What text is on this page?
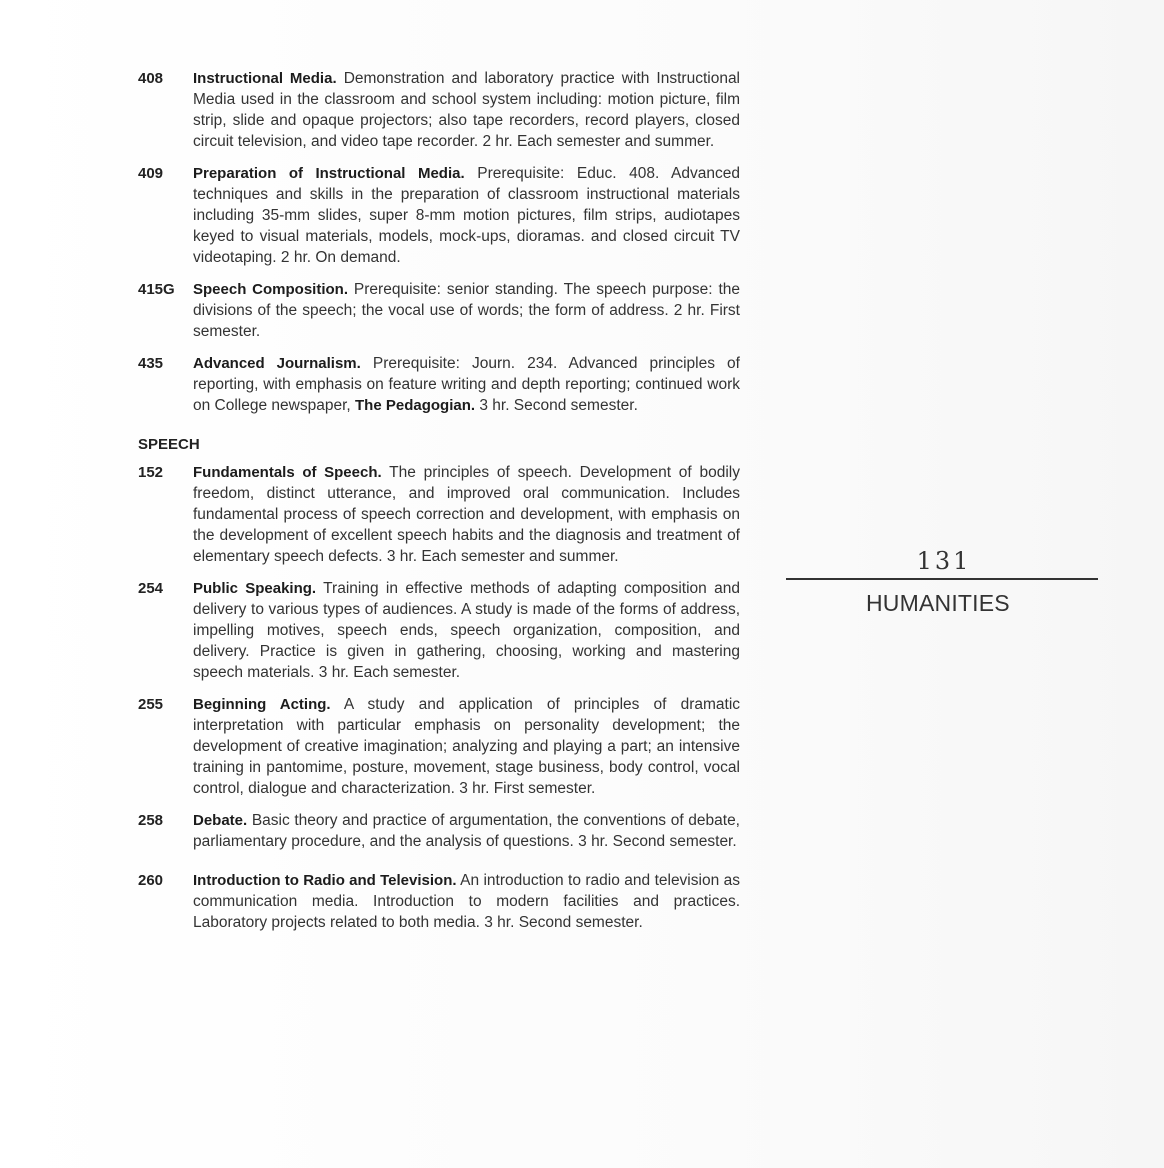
408	Instructional Media. Demonstration and laboratory practice with Instructional Media used in the classroom and school system including: motion picture, film strip, slide and opaque projectors; also tape recorders, record players, closed circuit television, and video tape recorder. 2 hr. Each semester and summer.
409	Preparation of Instructional Media. Prerequisite: Educ. 408. Advanced techniques and skills in the preparation of classroom instructional materials including 35-mm slides, super 8-mm motion pictures, film strips, audiotapes keyed to visual materials, models, mock-ups, dioramas. and closed circuit TV videotaping. 2 hr. On demand.
415G	Speech Composition. Prerequisite: senior standing. The speech purpose: the divisions of the speech; the vocal use of words; the form of address. 2 hr. First semester.
435	Advanced Journalism. Prerequisite: Journ. 234. Advanced principles of reporting, with emphasis on feature writing and depth reporting; continued work on College newspaper, The Pedagogian. 3 hr. Second semester.
SPEECH
152	Fundamentals of Speech. The principles of speech. Development of bodily freedom, distinct utterance, and improved oral communication. Includes fundamental process of speech correction and development, with emphasis on the development of excellent speech habits and the diagnosis and treatment of elementary speech defects. 3 hr. Each semester and summer.
254	Public Speaking. Training in effective methods of adapting composition and delivery to various types of audiences. A study is made of the forms of address, impelling motives, speech ends, speech organization, composition, and delivery. Practice is given in gathering, choosing, working and mastering speech materials. 3 hr. Each semester.
255	Beginning Acting. A study and application of principles of dramatic interpretation with particular emphasis on personality development; the development of creative imagination; analyzing and playing a part; an intensive training in pantomime, posture, movement, stage business, body control, vocal control, dialogue and characterization. 3 hr. First semester.
258	Debate. Basic theory and practice of argumentation, the conventions of debate, parliamentary procedure, and the analysis of questions. 3 hr. Second semester.
260	Introduction to Radio and Television. An introduction to radio and television as communication media. Introduction to modern facilities and practices. Laboratory projects related to both media. 3 hr. Second semester.
131
HUMANITIES
